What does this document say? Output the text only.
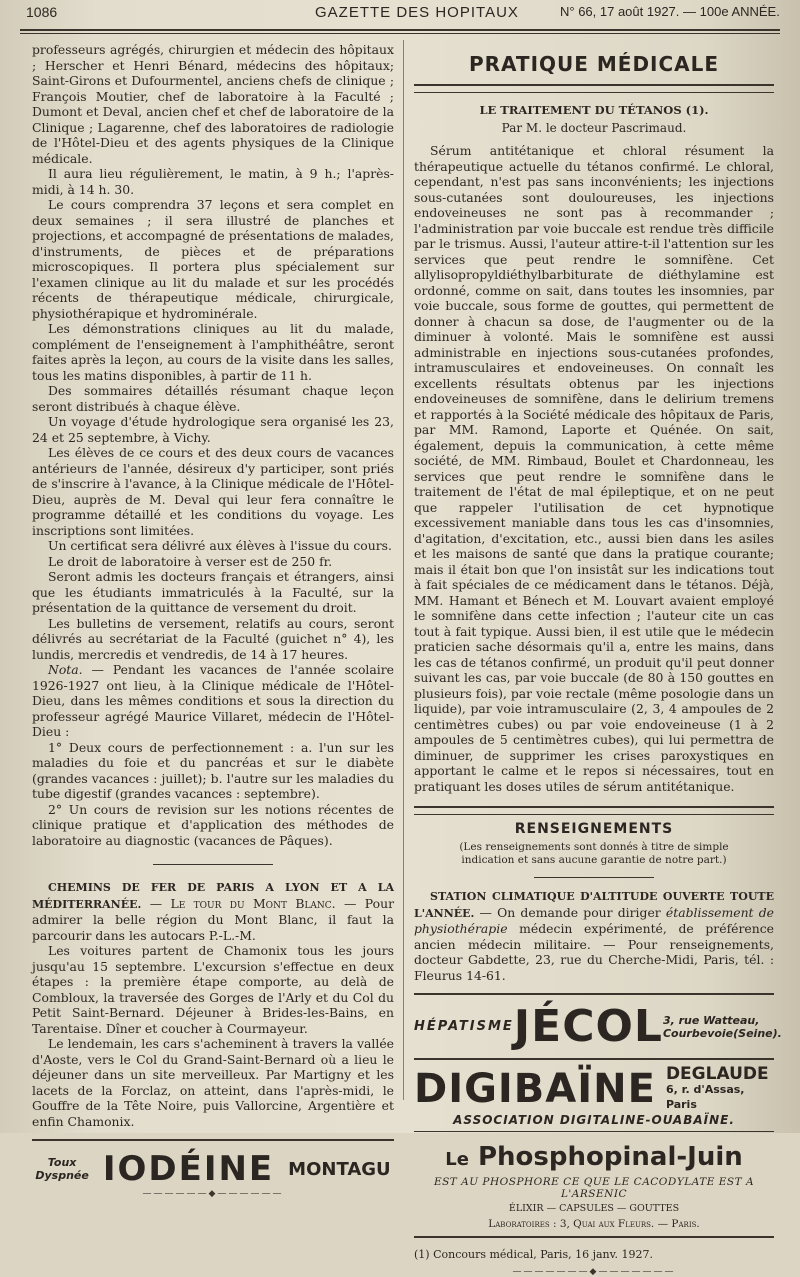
1086	GAZETTE DES HOPITAUX	N° 66, 17 août 1927. — 100e ANNÉE.

professeurs agrégés, chirurgien et médecin des hôpitaux ; Herscher et Henri Bénard, médecins des hôpitaux; Saint-Girons et Dufourmentel, anciens chefs de clinique ; François Moutier, chef de laboratoire à la Faculté ; Dumont et Deval, ancien chef et chef de laboratoire de la Clinique ; Lagarenne, chef des laboratoires de radiologie de l'Hôtel-Dieu et des agents physiques de la Clinique médicale.

Il aura lieu régulièrement, le matin, à 9 h.; l'après-midi, à 14 h. 30.

Le cours comprendra 37 leçons et sera complet en deux semaines ; il sera illustré de planches et projections, et accompagné de présentations de malades, d'instruments, de pièces et de préparations microscopiques. Il portera plus spécialement sur l'examen clinique au lit du malade et sur les procédés récents de thérapeutique médicale, chirurgicale, physiothérapique et hydrominérale.

Les démonstrations cliniques au lit du malade, complément de l'enseignement à l'amphithéâtre, seront faites après la leçon, au cours de la visite dans les salles, tous les matins disponibles, à partir de 11 h.

Des sommaires détaillés résumant chaque leçon seront distribués à chaque élève.

Un voyage d'étude hydrologique sera organisé les 23, 24 et 25 septembre, à Vichy.

Les élèves de ce cours et des deux cours de vacances antérieurs de l'année, désireux d'y participer, sont priés de s'inscrire à l'avance, à la Clinique médicale de l'Hôtel-Dieu, auprès de M. Deval qui leur fera connaître le programme détaillé et les conditions du voyage. Les inscriptions sont limitées.

Un certificat sera délivré aux élèves à l'issue du cours.

Le droit de laboratoire à verser est de 250 fr.

Seront admis les docteurs français et étrangers, ainsi que les étudiants immatriculés à la Faculté, sur la présentation de la quittance de versement du droit.

Les bulletins de versement, relatifs au cours, seront délivrés au secrétariat de la Faculté (guichet n° 4), les lundis, mercredis et vendredis, de 14 à 17 heures.

Nota. — Pendant les vacances de l'année scolaire 1926-1927 ont lieu, à la Clinique médicale de l'Hôtel-Dieu, dans les mêmes conditions et sous la direction du professeur agrégé Maurice Villaret, médecin de l'Hôtel-Dieu :

1° Deux cours de perfectionnement : a. l'un sur les maladies du foie et du pancréas et sur le diabète (grandes vacances : juillet); b. l'autre sur les maladies du tube digestif (grandes vacances : septembre).

2° Un cours de revision sur les notions récentes de clinique pratique et d'application des méthodes de laboratoire au diagnostic (vacances de Pâques).

CHEMINS DE FER DE PARIS A LYON ET A LA MÉDITERRANÉE. — Le tour du Mont Blanc. — Pour admirer la belle région du Mont Blanc, il faut la parcourir dans les autocars P.-L.-M.

Les voitures partent de Chamonix tous les jours jusqu'au 15 septembre. L'excursion s'effectue en deux étapes : la première étape comporte, au delà de Combloux, la traversée des Gorges de l'Arly et du Col du Petit Saint-Bernard. Déjeuner à Brides-les-Bains, en Tarentaise. Dîner et coucher à Courmayeur.

Le lendemain, les cars s'acheminent à travers la vallée d'Aoste, vers le Col du Grand-Saint-Bernard où a lieu le déjeuner dans un site merveilleux. Par Martigny et les lacets de la Forclaz, on atteint, dans l'après-midi, le Gouffre de la Tête Noire, puis Vallorcine, Argentière et enfin Chamonix.

Toux
Dyspnée IODÉINE MONTAGU
——————◆——————
PRATIQUE MÉDICALE
LE TRAITEMENT DU TÉTANOS (1).
Par M. le docteur Pascrimaud.

Sérum antitétanique et chloral résument la thérapeutique actuelle du tétanos confirmé. Le chloral, cependant, n'est pas sans inconvénients; les injections sous-cutanées sont douloureuses, les injections endoveineuses ne sont pas à recommander ; l'administration par voie buccale est rendue très difficile par le trismus. Aussi, l'auteur attire-t-il l'attention sur les services que peut rendre le somnifène. Cet allylisopropyldiéthylbarbiturate de diéthylamine est ordonné, comme on sait, dans toutes les insomnies, par voie buccale, sous forme de gouttes, qui permettent de donner à chacun sa dose, de l'augmenter ou de la diminuer à volonté. Mais le somnifène est aussi administrable en injections sous-cutanées profondes, intramusculaires et endoveineuses. On connaît les excellents résultats obtenus par les injections endoveineuses de somnifène, dans le delirium tremens et rapportés à la Société médicale des hôpitaux de Paris, par MM. Ramond, Laporte et Quénée. On sait, également, depuis la communication, à cette même société, de MM. Rimbaud, Boulet et Chardonneau, les services que peut rendre le somnifène dans le traitement de l'état de mal épileptique, et on ne peut que rappeler l'utilisation de cet hypnotique excessivement maniable dans tous les cas d'insomnies, d'agitation, d'excitation, etc., aussi bien dans les asiles et les maisons de santé que dans la pratique courante; mais il était bon que l'on insistât sur les indications tout à fait spéciales de ce médicament dans le tétanos. Déjà, MM. Hamant et Bénech et M. Louvart avaient employé le somnifène dans cette infection ; l'auteur cite un cas tout à fait typique. Aussi bien, il est utile que le médecin praticien sache désormais qu'il a, entre les mains, dans les cas de tétanos confirmé, un produit qu'il peut donner suivant les cas, par voie buccale (de 80 à 150 gouttes en plusieurs fois), par voie rectale (même posologie dans un liquide), par voie intramusculaire (2, 3, 4 ampoules de 2 centimètres cubes) ou par voie endoveineuse (1 à 2 ampoules de 5 centimètres cubes), qui lui permettra de diminuer, de supprimer les crises paroxystiques en apportant le calme et le repos si nécessaires, tout en pratiquant les doses utiles de sérum antitétanique.

RENSEIGNEMENTS
(Les renseignements sont donnés à titre de simple indication et sans aucune garantie de notre part.)

STATION CLIMATIQUE D'ALTITUDE OUVERTE TOUTE L'ANNÉE. — On demande pour diriger établissement de physiothérapie médecin expérimenté, de préférence ancien médecin militaire. — Pour renseignements, docteur Gabdette, 23, rue du Cherche-Midi, Paris, tél. : Fleurus 14-61.

HÉPATISME JÉCOL 3, rue Watteau,
Courbevoie(Seine).
DIGIBAÏNE DEGLAUDE
6, r. d'Assas, Paris
ASSOCIATION DIGITALINE-OUABAÏNE.
Le Phosphopinal-Juin
EST AU PHOSPHORE CE QUE LE CACODYLATE EST A L'ARSENIC
ÉLIXIR — CAPSULES — GOUTTES
Laboratoires : 3, Quai aux Fleurs. — Paris.
(1) Concours médical, Paris, 16 janv. 1927.
———————◆———————
